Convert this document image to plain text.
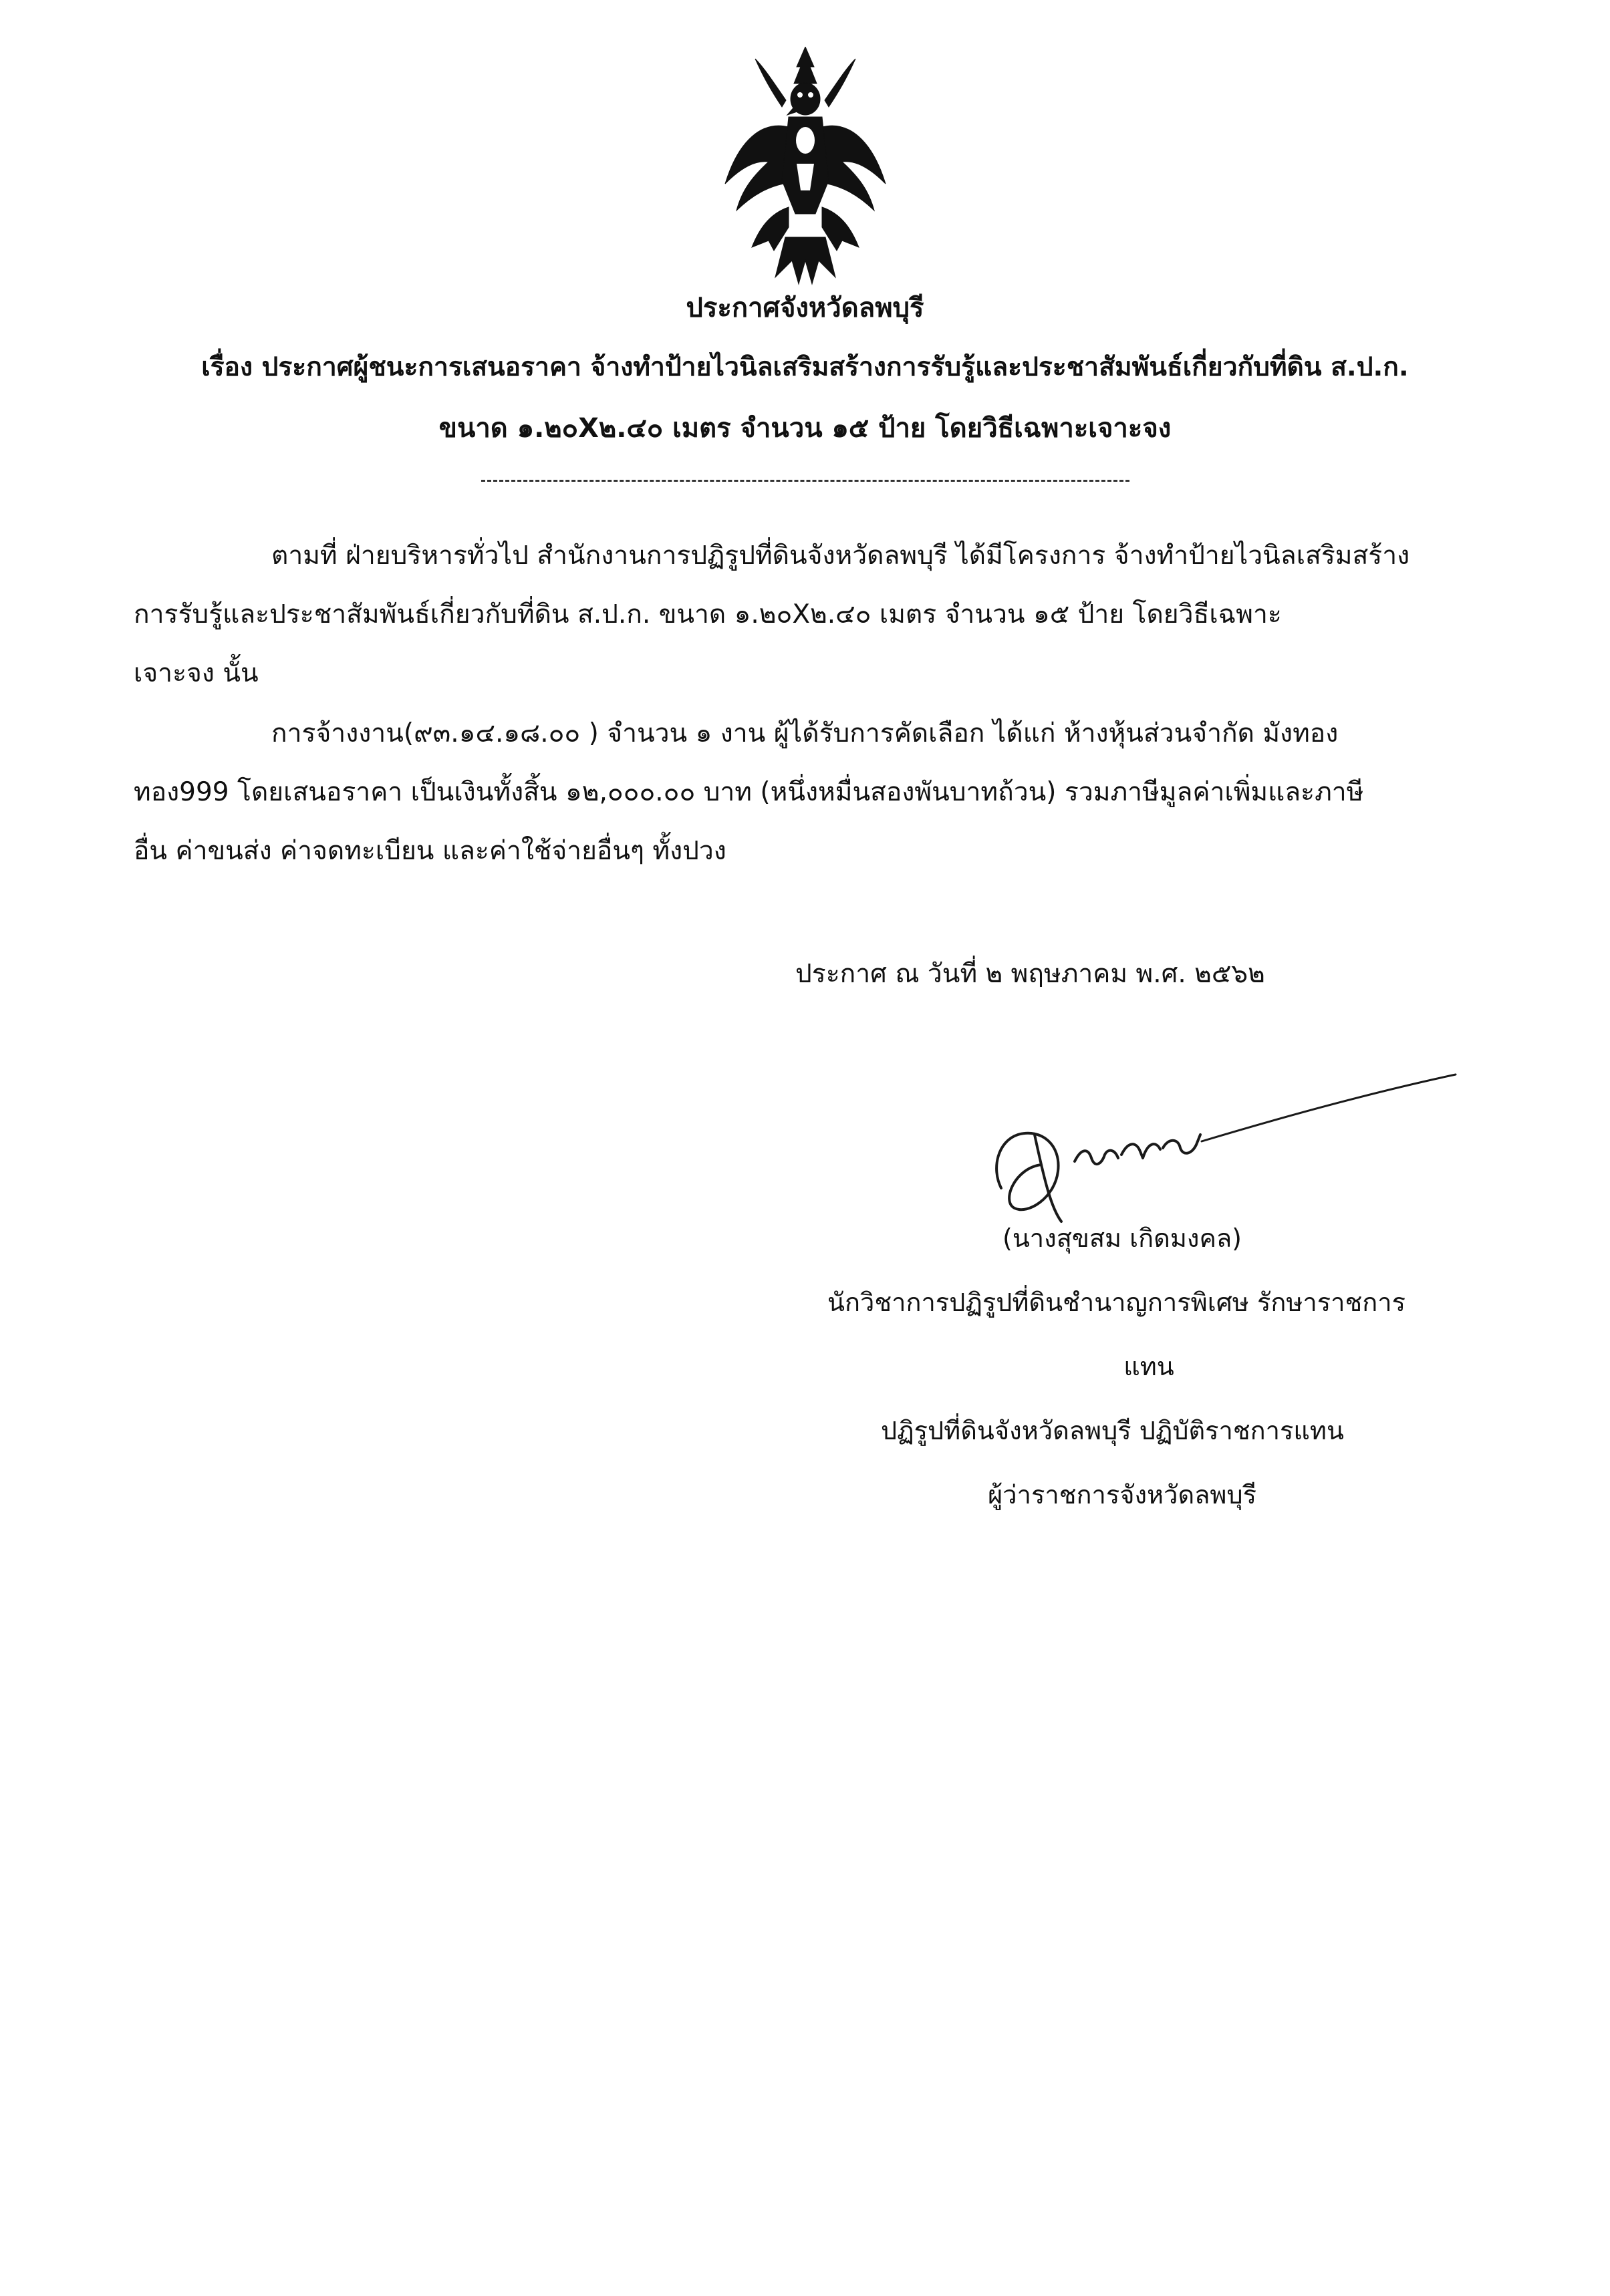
ประกาศจังหวัดลพบุรี
เรื่อง ประกาศผู้ชนะการเสนอราคา จ้างทำป้ายไวนิลเสริมสร้างการรับรู้และประชาสัมพันธ์เกี่ยวกับที่ดิน ส.ป.ก.
ขนาด ๑.๒๐X๒.๔๐ เมตร จำนวน ๑๕ ป้าย โดยวิธีเฉพาะเจาะจง
ตามที่ ฝ่ายบริหารทั่วไป สำนักงานการปฏิรูปที่ดินจังหวัดลพบุรี ได้มีโครงการ จ้างทำป้ายไวนิลเสริมสร้าง
การรับรู้และประชาสัมพันธ์เกี่ยวกับที่ดิน ส.ป.ก. ขนาด ๑.๒๐X๒.๔๐ เมตร จำนวน ๑๕ ป้าย โดยวิธีเฉพาะ
เจาะจง นั้น
การจ้างงาน(๙๓.๑๔.๑๘.๐๐ ) จำนวน ๑ งาน ผู้ได้รับการคัดเลือก ได้แก่ ห้างหุ้นส่วนจำกัด มังทอง
ทอง999 โดยเสนอราคา เป็นเงินทั้งสิ้น ๑๒,๐๐๐.๐๐ บาท (หนึ่งหมื่นสองพันบาทถ้วน) รวมภาษีมูลค่าเพิ่มและภาษี
อื่น ค่าขนส่ง ค่าจดทะเบียน และค่าใช้จ่ายอื่นๆ ทั้งปวง
ประกาศ ณ วันที่ ๒ พฤษภาคม พ.ศ. ๒๕๖๒
(นางสุขสม เกิดมงคล)
นักวิชาการปฏิรูปที่ดินชำนาญการพิเศษ รักษาราชการ
แทน
ปฏิรูปที่ดินจังหวัดลพบุรี ปฏิบัติราชการแทน
ผู้ว่าราชการจังหวัดลพบุรี
